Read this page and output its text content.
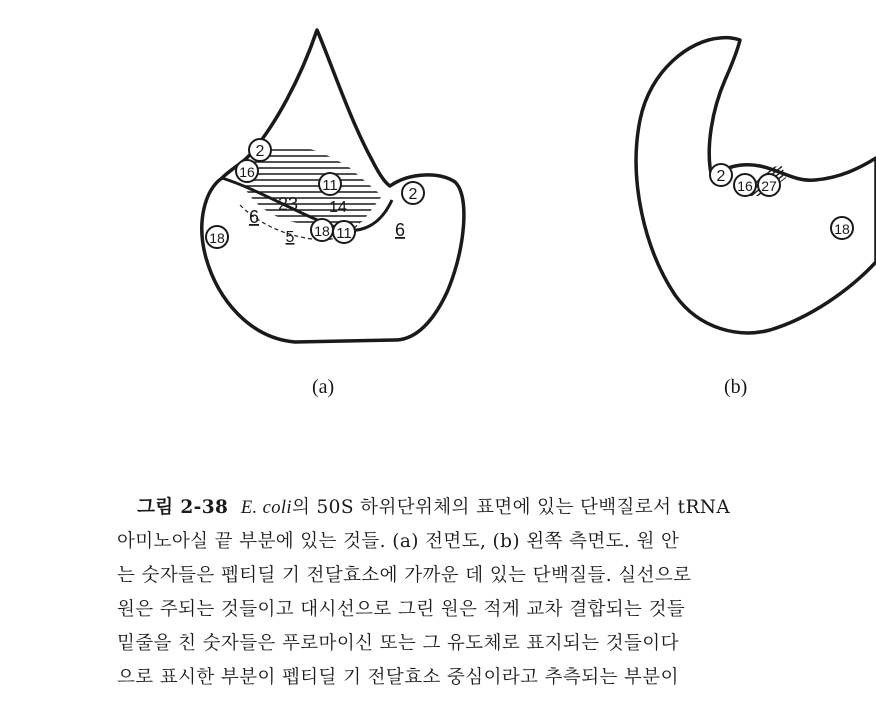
2
16
11
2
18	18 11
23 14
6
5	6
2
16 27
18
(a)	(b)
그림 2-38 E. coli의 50S 하위단위체의 표면에 있는 단백질로서 tRNA
아미노아실 끝 부분에 있는 것들. (a) 전면도, (b) 왼쪽 측면도. 원 안
는 숫자들은 펩티딜 기 전달효소에 가까운 데 있는 단백질들. 실선으로
원은 주되는 것들이고 대시선으로 그린 원은 적게 교차 결합되는 것들
밑줄을 친 숫자들은 푸로마이신 또는 그 유도체로 표지되는 것들이다
으로 표시한 부분이 펩티딜 기 전달효소 중심이라고 추측되는 부분이
